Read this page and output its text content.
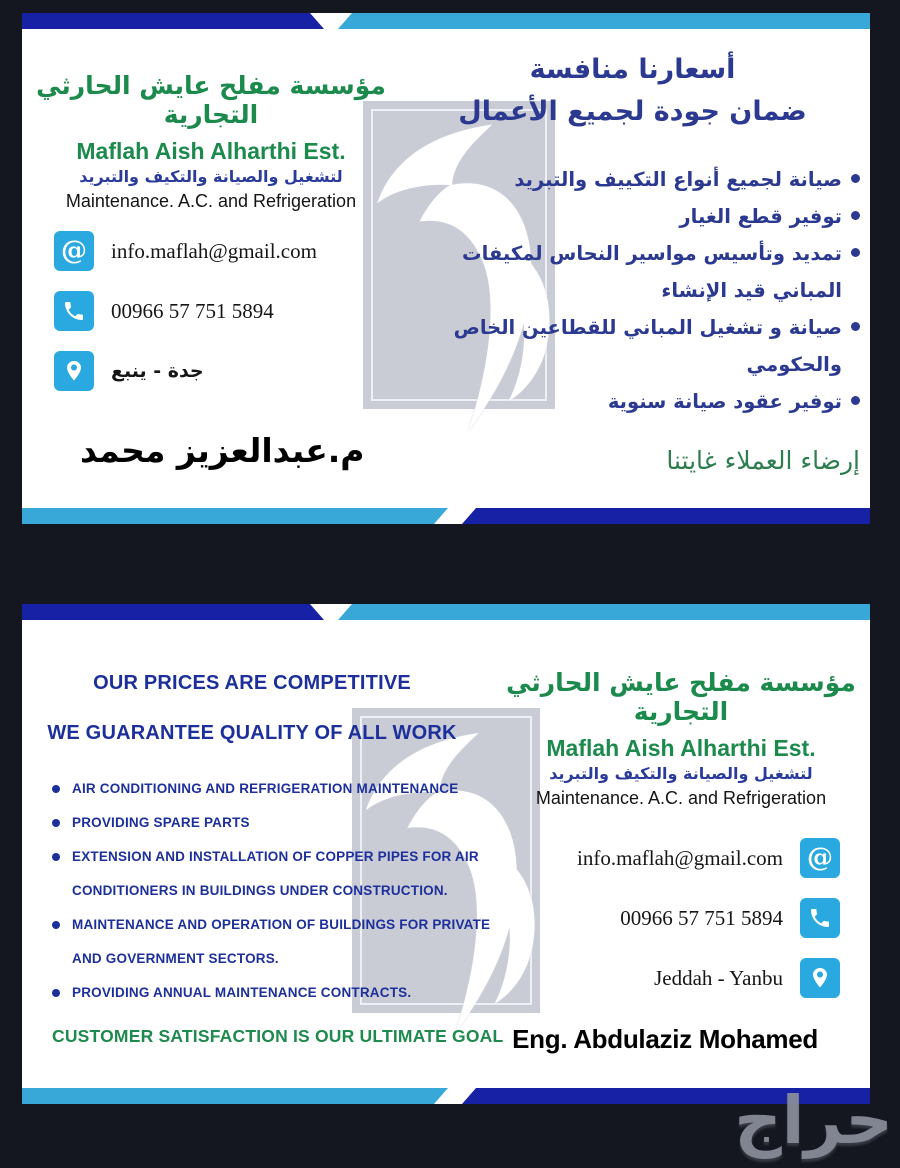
مؤسسة مفلح عايش الحارثي التجارية
Maflah Aish Alharthi Est.
لتشغيل والصيانة والتكيف والتبريد
Maintenance. A.C. and Refrigeration
@ info.maflah@gmail.com
00966 57 751 5894
جدة - ينبع
م.عبدالعزيز محمد
أسعارنا منافسة
ضمان جودة لجميع الأعمال
صيانة لجميع أنواع التكييف والتبريد
توفير قطع الغيار
تمديد وتأسيس مواسير النحاس لمكيفات المباني قيد الإنشاء
صيانة و تشغيل المباني للقطاعين الخاص والحكومي
توفير عقود صيانة سنوية
إرضاء العملاء غايتنا
OUR PRICES ARE COMPETITIVE
WE GUARANTEE QUALITY OF ALL WORK
AIR CONDITIONING AND REFRIGERATION MAINTENANCE
PROVIDING SPARE PARTS
EXTENSION AND INSTALLATION OF COPPER PIPES FOR AIR CONDITIONERS IN BUILDINGS UNDER CONSTRUCTION.
MAINTENANCE AND OPERATION OF BUILDINGS FOR PRIVATE AND GOVERNMENT SECTORS.
PROVIDING ANNUAL MAINTENANCE CONTRACTS.
CUSTOMER SATISFACTION IS OUR ULTIMATE GOAL
مؤسسة مفلح عايش الحارثي التجارية
Maflah Aish Alharthi Est.
لتشغيل والصيانة والتكيف والتبريد
Maintenance. A.C. and Refrigeration
info.maflah@gmail.com @
00966 57 751 5894
Jeddah - Yanbu
Eng. Abdulaziz Mohamed
حراج
